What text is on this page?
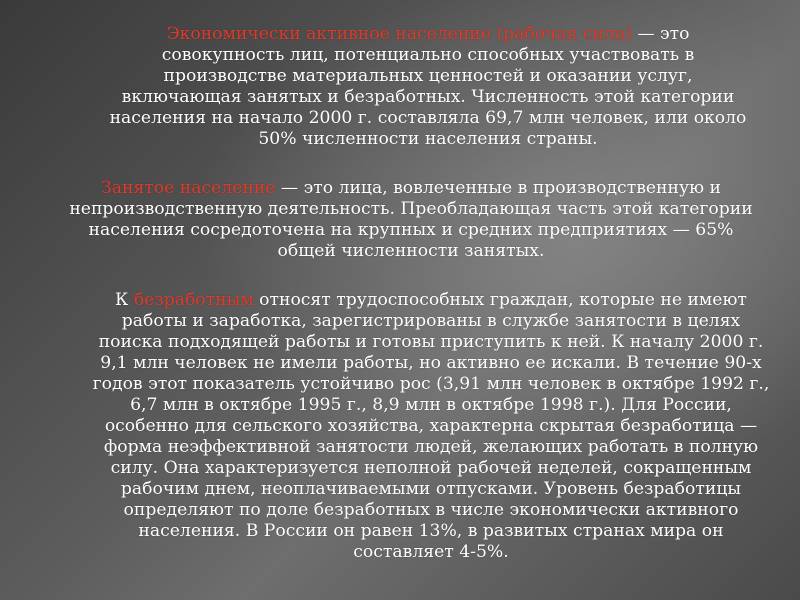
Экономически активное население (рабочая сила) — это совокупность лиц, потенциально способных участвовать в производстве материальных ценностей и оказании услуг, включающая занятых и безработных. Численность этой категории населения на начало 2000 г. составляла 69,7 млн человек, или около 50% численности населения страны.

Занятое население — это лица, вовлеченные в производственную и непроизводственную деятельность. Преобладающая часть этой категории населения сосредоточена на крупных и средних предприятиях — 65% общей численности занятых.

К безработным относят трудоспособных граждан, которые не имеют работы и заработка, зарегистрированы в службе занятости в целях поиска подходящей работы и готовы приступить к ней. К началу 2000 г. 9,1 млн человек не имели работы, но активно ее искали. В течение 90-х годов этот показатель устойчиво рос (3,91 млн человек в октябре 1992 г., 6,7 млн в октябре 1995 г., 8,9 млн в октябре 1998 г.). Для России, особенно для сельского хозяйства, характерна скрытая безработица — форма неэффективной занятости людей, желающих работать в полную силу. Она характеризуется неполной рабочей неделей, сокращенным рабочим днем, неоплачиваемыми отпусками. Уровень безработицы определяют по доле безработных в числе экономически активного населения. В России он равен 13%, в развитых странах мира он составляет 4-5%.
